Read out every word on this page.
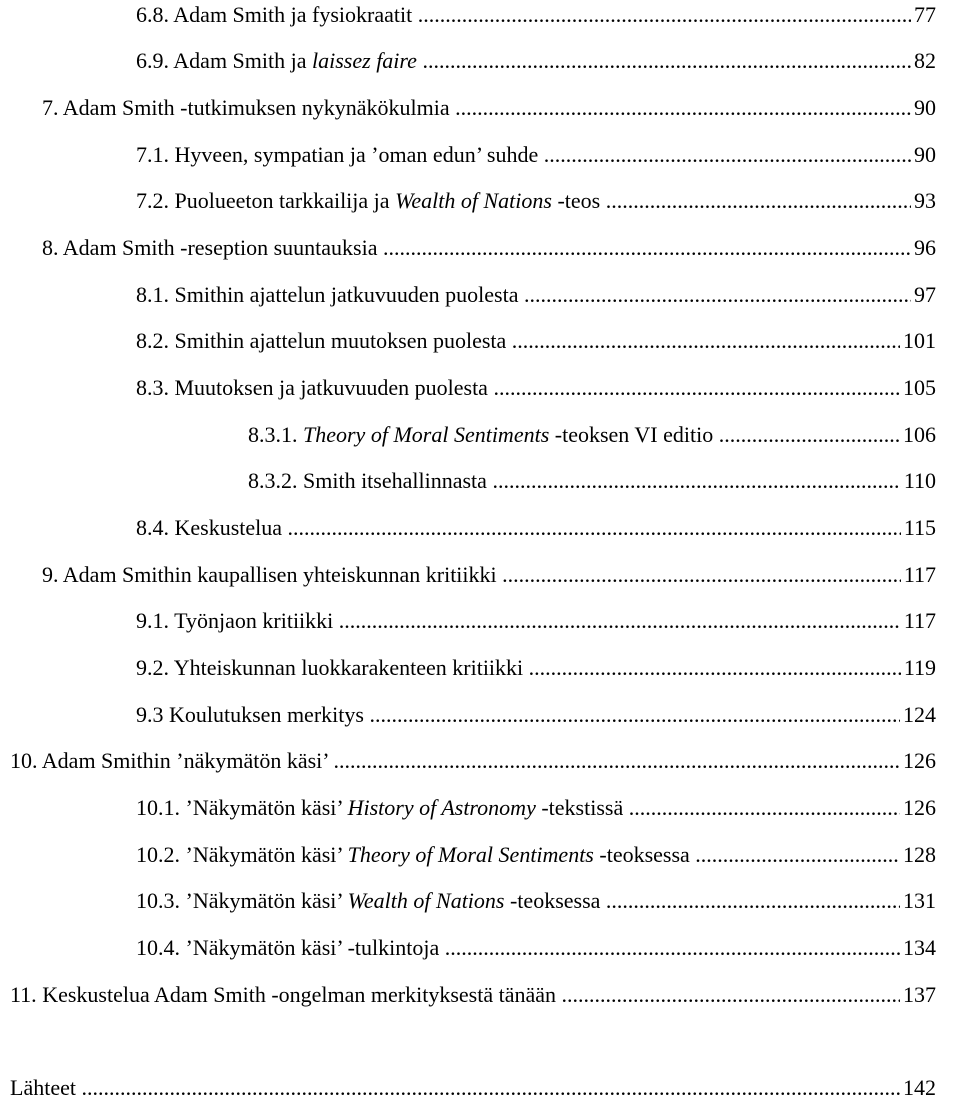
77
6.8. Adam Smith ja fysiokraatit .....
82
6.9. Adam Smith ja laissez faire .....
90
7. Adam Smith -tutkimuksen nykynäkökulmia .....
90
7.1. Hyveen, sympatian ja ’oman edun’ suhde .....
93
7.2. Puolueeton tarkkailija ja Wealth of Nations -teos .....
96
8. Adam Smith -reseption suuntauksia .....
97
8.1. Smithin ajattelun jatkuvuuden puolesta .....
101
8.2. Smithin ajattelun muutoksen puolesta .....
105
8.3. Muutoksen ja jatkuvuuden puolesta .....
106
8.3.1. Theory of Moral Sentiments -teoksen VI editio .....
110
8.3.2. Smith itsehallinnasta .....
115
8.4. Keskustelua .....
117
9. Adam Smithin kaupallisen yhteiskunnan kritiikki .....
117
9.1. Työnjaon kritiikki .....
119
9.2. Yhteiskunnan luokkarakenteen kritiikki .....
124
9.3 Koulutuksen merkitys .....
126
10. Adam Smithin ’näkymätön käsi’ .....
126
10.1. ’Näkymätön käsi’ History of Astronomy -tekstissä .....
128
10.2. ’Näkymätön käsi’ Theory of Moral Sentiments -teoksessa .....
131
10.3. ’Näkymätön käsi’ Wealth of Nations -teoksessa .....
134
10.4. ’Näkymätön käsi’ -tulkintoja .....
137
11. Keskustelua Adam Smith -ongelman merkityksestä tänään .....
142
Lähteet .....
